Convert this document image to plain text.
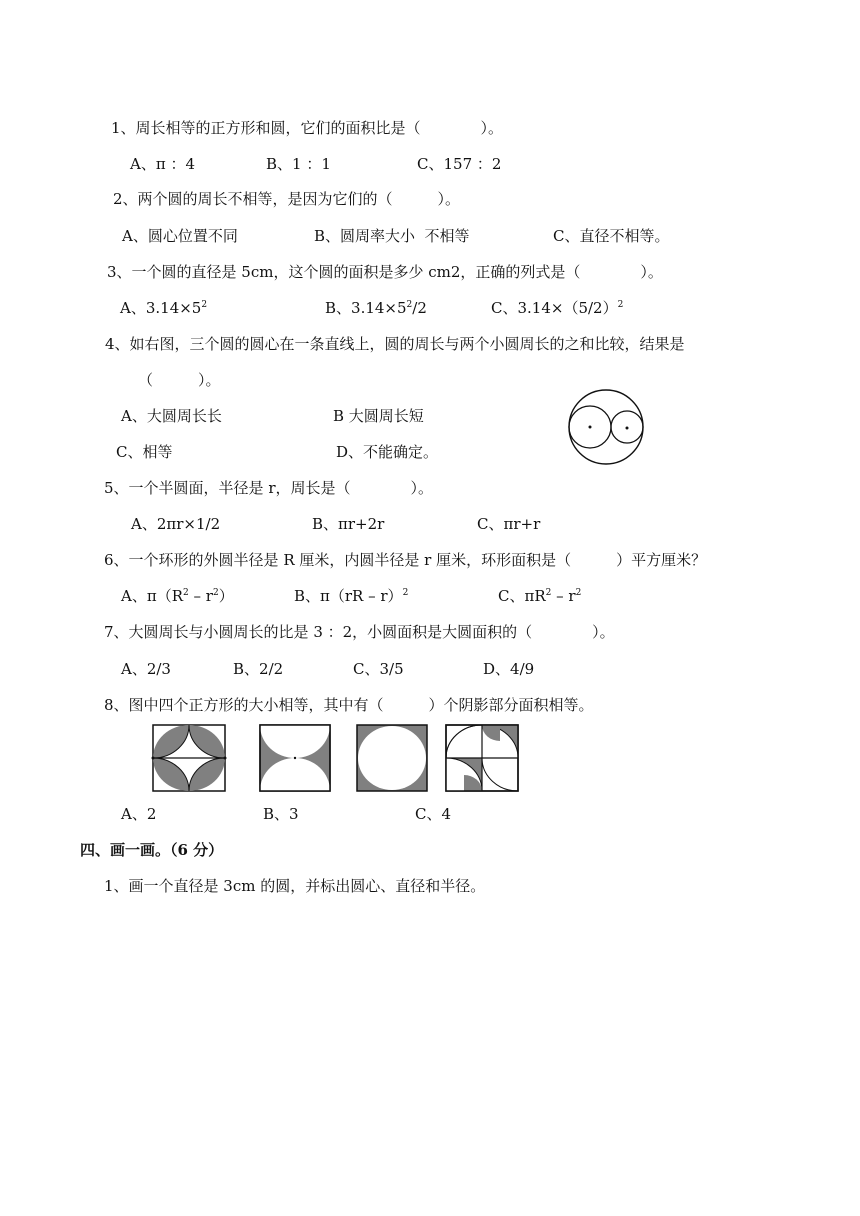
1、周长相等的正方形和圆，它们的面积比是（　　　　）。
A、π ：4	B、1 ：1	C、157 ：2
2、两个圆的周长不相等，是因为它们的（　　　）。
A、圆心位置不同	B、圆周率大小  不相等	C、直径不相等。
3、一个圆的直径是 5cm，这个圆的面积是多少 cm2，正确的列式是（　　　　）。
A、$3.14\times 5^2$	B、$3.14\times 5^2/2$	C、$3.14\times(5/2)^2$
4、如右图，三个圆的圆心在一条直线上，圆的周长与两个小圆周长的之和比较，结果是
（　　　）。
A、大圆周长长	B 大圆周长短
C、相等	D、不能确定。
5、一个半圆面，半径是 r，周长是（　　　　）。
A、2πr×1/2	B、πr+2r	C、πr+r
6、一个环形的外圆半径是 R 厘米，内圆半径是 r 厘米，环形面积是（　　　）平方厘米？
A、$\pi(R^2 - r^2)$	B、π（rR – r）$^2$	C、$\pi R^2 - r^2$
7、大圆周长与小圆周长的比是 3 ：2，小圆面积是大圆面积的（　　　　）。
A、2/3	B、2/2	C、3/5	D、4/9
8、图中四个正方形的大小相等，其中有（　　　）个阴影部分面积相等。
A、2	B、3	C、4
四、画一画。（6 分）
1、画一个直径是 3cm 的圆，并标出圆心、直径和半径。
